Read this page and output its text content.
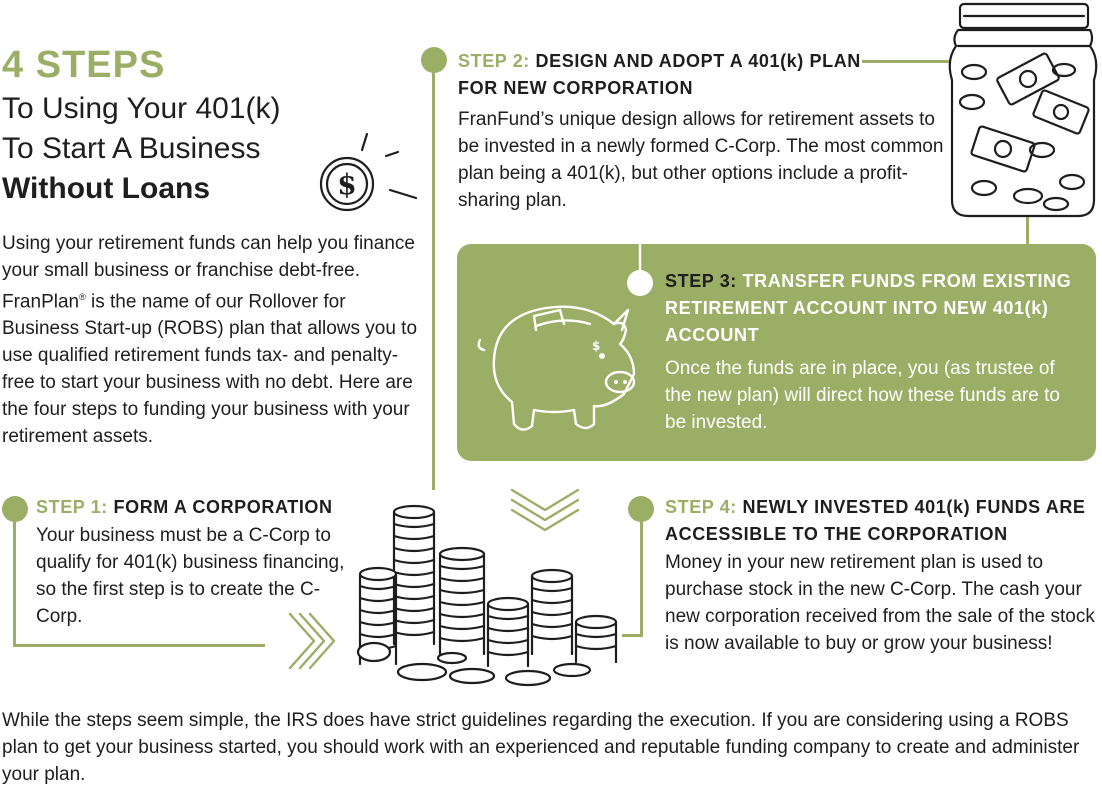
4 STEPS
To Using Your 401(k)
To Start A Business
Without Loans	$
Using your retirement funds can help you finance your small business or franchise debt-free. FranPlan® is the name of our Rollover for Business Start-up (ROBS) plan that allows you to use qualified retirement funds tax- and penalty-free to start your business with no debt. Here are the four steps to funding your business with your retirement assets.
STEP 2: DESIGN AND ADOPT A 401(k) PLAN FOR NEW CORPORATION
FranFund’s unique design allows for retirement assets to be invested in a newly formed C-Corp. The most common plan being a 401(k), but other options include a profit-sharing plan.
$
STEP 3: TRANSFER FUNDS FROM EXISTING RETIREMENT ACCOUNT INTO NEW 401(k) ACCOUNT
Once the funds are in place, you (as trustee of the new plan) will direct how these funds are to be invested.
STEP 1: FORM A CORPORATION
Your business must be a C-Corp to qualify for 401(k) business financing, so the first step is to create the C-Corp.
STEP 4: NEWLY INVESTED 401(k) FUNDS ARE ACCESSIBLE TO THE CORPORATION
Money in your new retirement plan is used to purchase stock in the new C-Corp. The cash your new corporation received from the sale of the stock is now available to buy or grow your business!
While the steps seem simple, the IRS does have strict guidelines regarding the execution. If you are considering using a ROBS plan to get your business started, you should work with an experienced and reputable funding company to create and administer your plan.
